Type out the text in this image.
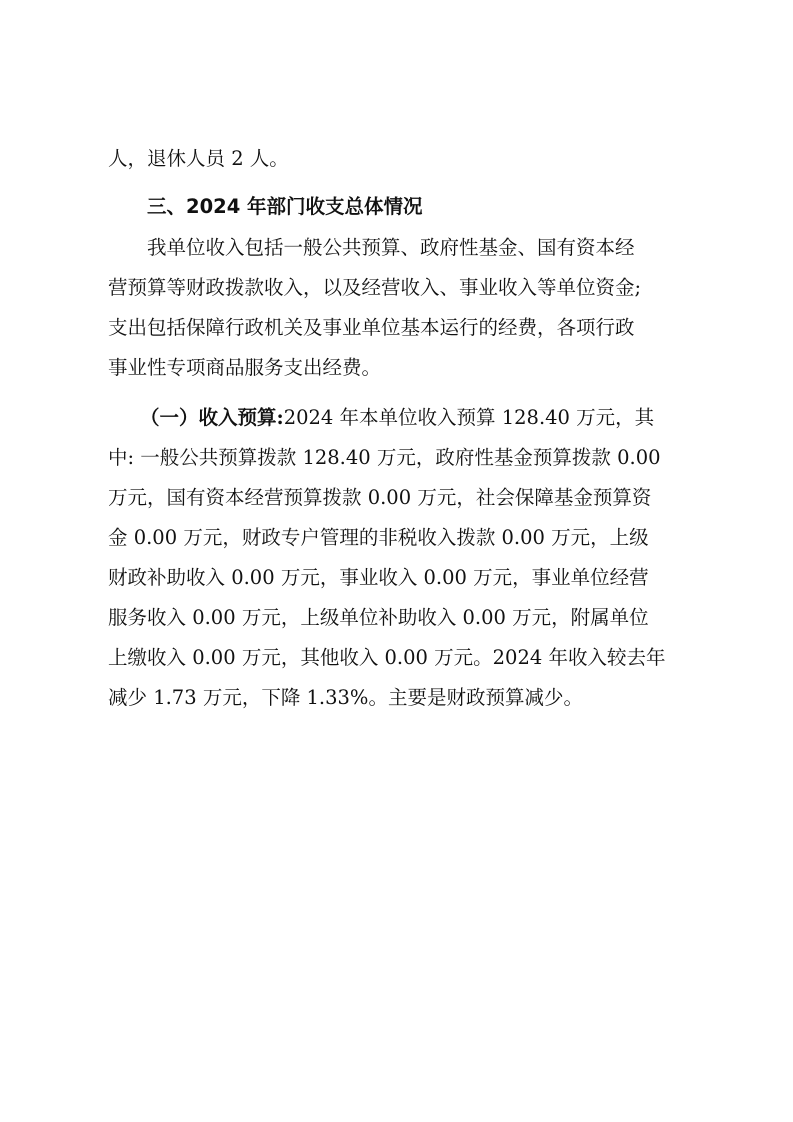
人，退休人员 2 人。
三、2024 年部门收支总体情况
我单位收入包括一般公共预算、政府性基金、国有资本经
营预算等财政拨款收入，以及经营收入、事业收入等单位资金;
支出包括保障行政机关及事业单位基本运行的经费，各项行政
事业性专项商品服务支出经费。
（一）收入预算: 2024 年本单位收入预算 128.40 万元，其
中: 一般公共预算拨款 128.40 万元，政府性基金预算拨款 0.00
万元，国有资本经营预算拨款 0.00 万元，社会保障基金预算资
金 0.00 万元，财政专户管理的非税收入拨款 0.00 万元，上级
财政补助收入 0.00 万元，事业收入 0.00 万元，事业单位经营
服务收入 0.00 万元，上级单位补助收入 0.00 万元，附属单位
上缴收入 0.00 万元，其他收入 0.00 万元。2024 年收入较去年
减少 1.73 万元，下降 1.33%。主要是财政预算减少。
